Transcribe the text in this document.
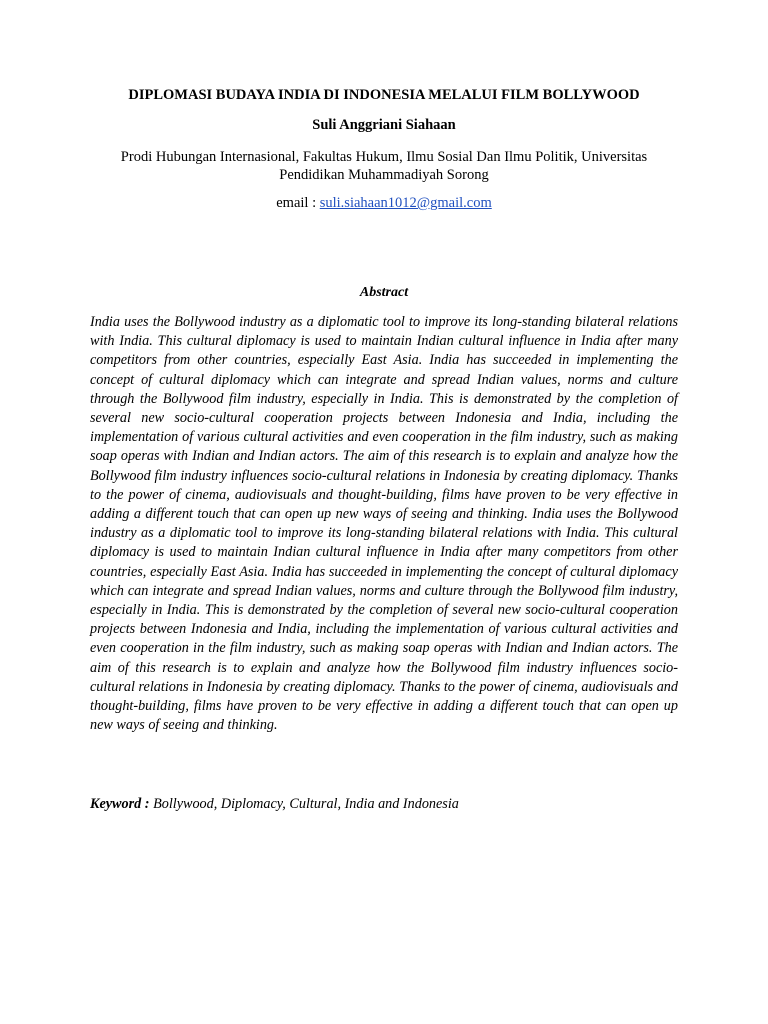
DIPLOMASI BUDAYA INDIA DI INDONESIA MELALUI FILM BOLLYWOOD
Suli Anggriani Siahaan
Prodi Hubungan Internasional, Fakultas Hukum, Ilmu Sosial Dan Ilmu Politik, Universitas Pendidikan Muhammadiyah Sorong
email : suli.siahaan1012@gmail.com
Abstract
India uses the Bollywood industry as a diplomatic tool to improve its long-standing bilateral relations with India. This cultural diplomacy is used to maintain Indian cultural influence in India after many competitors from other countries, especially East Asia. India has succeeded in implementing the concept of cultural diplomacy which can integrate and spread Indian values, norms and culture through the Bollywood film industry, especially in India. This is demonstrated by the completion of several new socio-cultural cooperation projects between Indonesia and India, including the implementation of various cultural activities and even cooperation in the film industry, such as making soap operas with Indian and Indian actors. The aim of this research is to explain and analyze how the Bollywood film industry influences socio-cultural relations in Indonesia by creating diplomacy. Thanks to the power of cinema, audiovisuals and thought-building, films have proven to be very effective in adding a different touch that can open up new ways of seeing and thinking. India uses the Bollywood industry as a diplomatic tool to improve its long-standing bilateral relations with India. This cultural diplomacy is used to maintain Indian cultural influence in India after many competitors from other countries, especially East Asia. India has succeeded in implementing the concept of cultural diplomacy which can integrate and spread Indian values, norms and culture through the Bollywood film industry, especially in India. This is demonstrated by the completion of several new socio-cultural cooperation projects between Indonesia and India, including the implementation of various cultural activities and even cooperation in the film industry, such as making soap operas with Indian and Indian actors. The aim of this research is to explain and analyze how the Bollywood film industry influences socio-cultural relations in Indonesia by creating diplomacy. Thanks to the power of cinema, audiovisuals and thought-building, films have proven to be very effective in adding a different touch that can open up new ways of seeing and thinking.
Keyword : Bollywood, Diplomacy, Cultural, India and Indonesia
